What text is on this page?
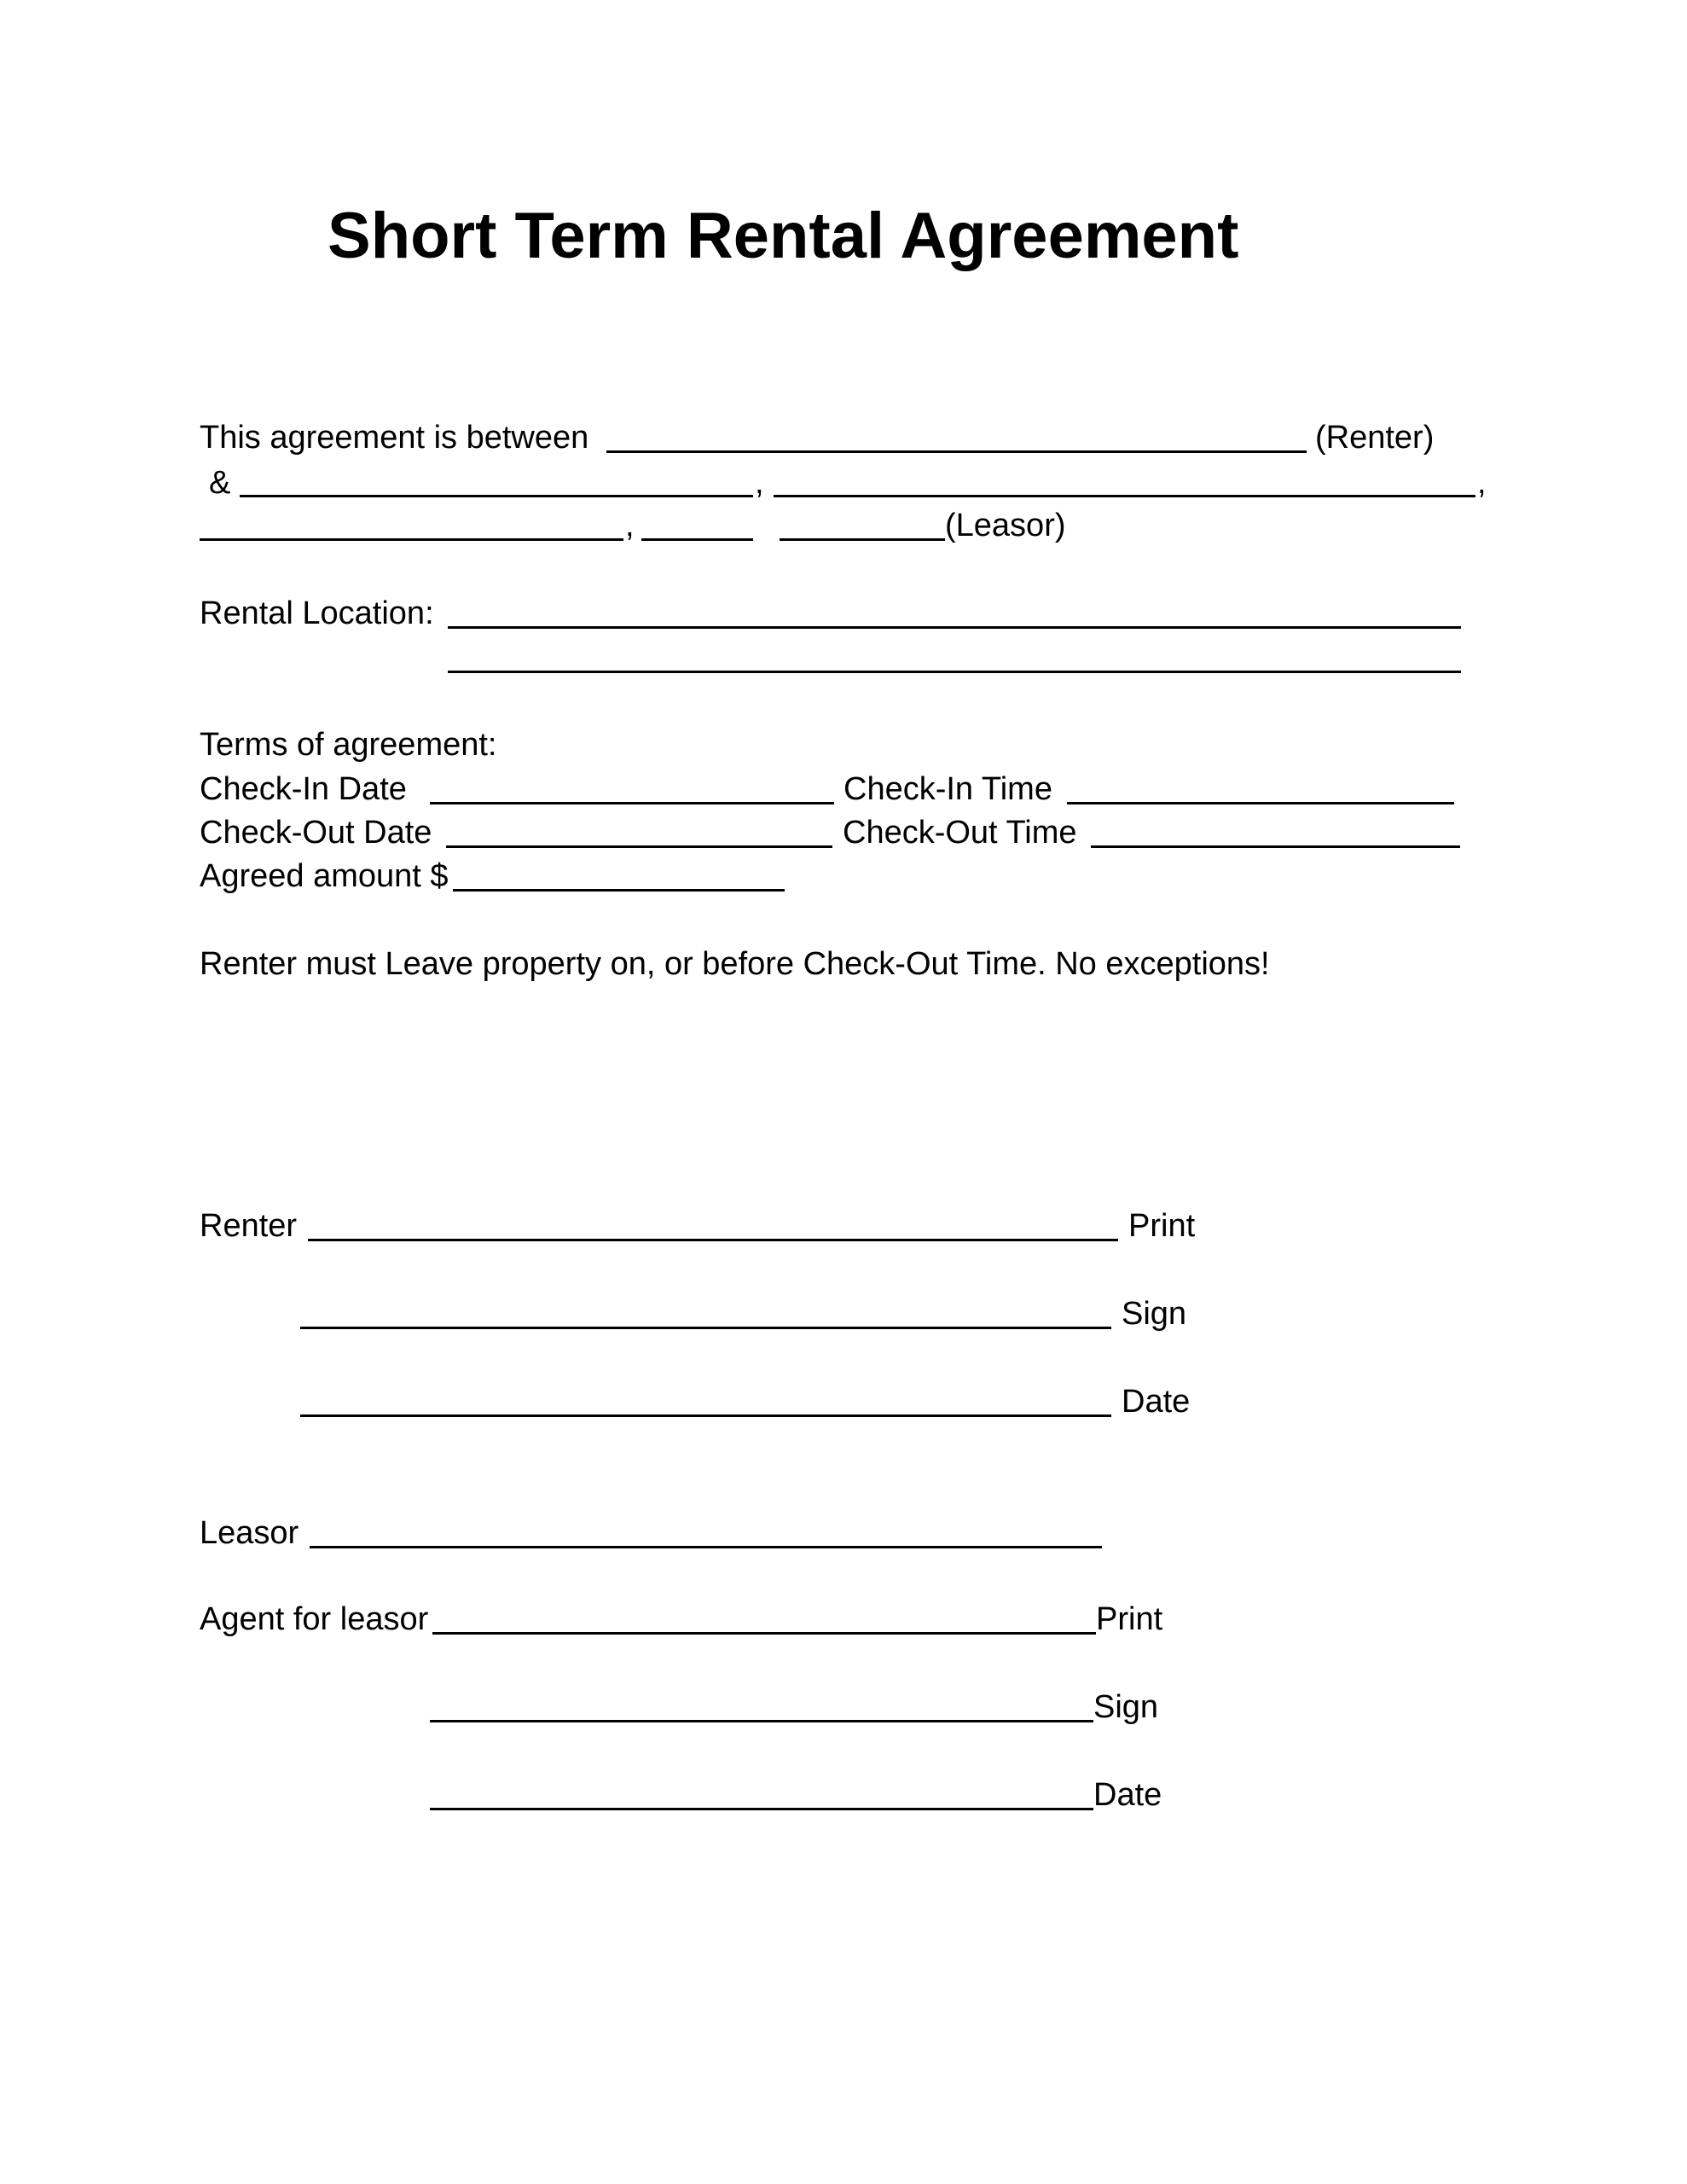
Short Term Rental Agreement
This agreement is between	(Renter)
&	,	,
,	(Leasor)
Rental Location:
Terms of agreement:
Check-In Date	Check-In Time
Check-Out Date	Check-Out Time
Agreed amount $
Renter must Leave property on, or before Check-Out Time. No exceptions!
Renter	Print
Sign
Date
Leasor
Agent for leasor	Print
Sign
Date
